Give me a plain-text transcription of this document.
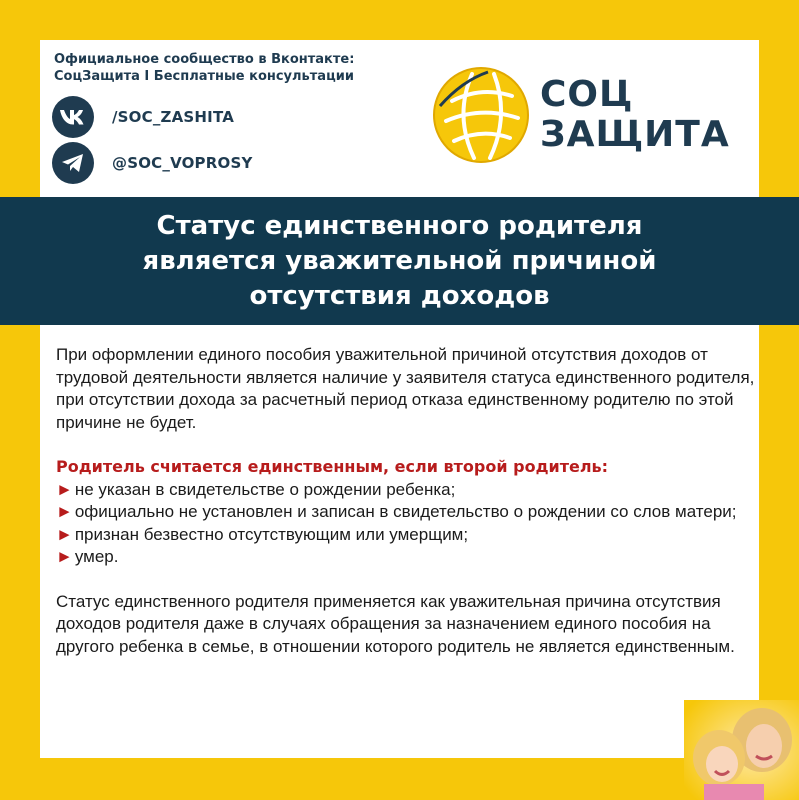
Официальное сообщество в Вконтакте:
СоцЗащита I Бесплатные консультации
/SOC_ZASHITA
@SOC_VOPROSY
СОЦ
ЗАЩИТА
Статус единственного родителя
является уважительной причиной
отсутствия доходов

При оформлении единого пособия уважительной причиной отсутствия доходов от трудовой деятельности является наличие у заявителя статуса единственного родителя, при отсутствии дохода за расчетный период отказа единственному родителю по этой причине не будет.

Родитель считается единственным, если второй родитель:

► не указан в свидетельстве о рождении ребенка;
► официально не установлен и записан в свидетельство о рождении со слов матери;
► признан безвестно отсутствующим или умерщим;
► умер.

Статус единственного родителя применяется как уважительная причина отсутствия доходов родителя даже в случаях обращения за назначением единого пособия на другого ребенка в семье, в отношении которого родитель не является единственным.
